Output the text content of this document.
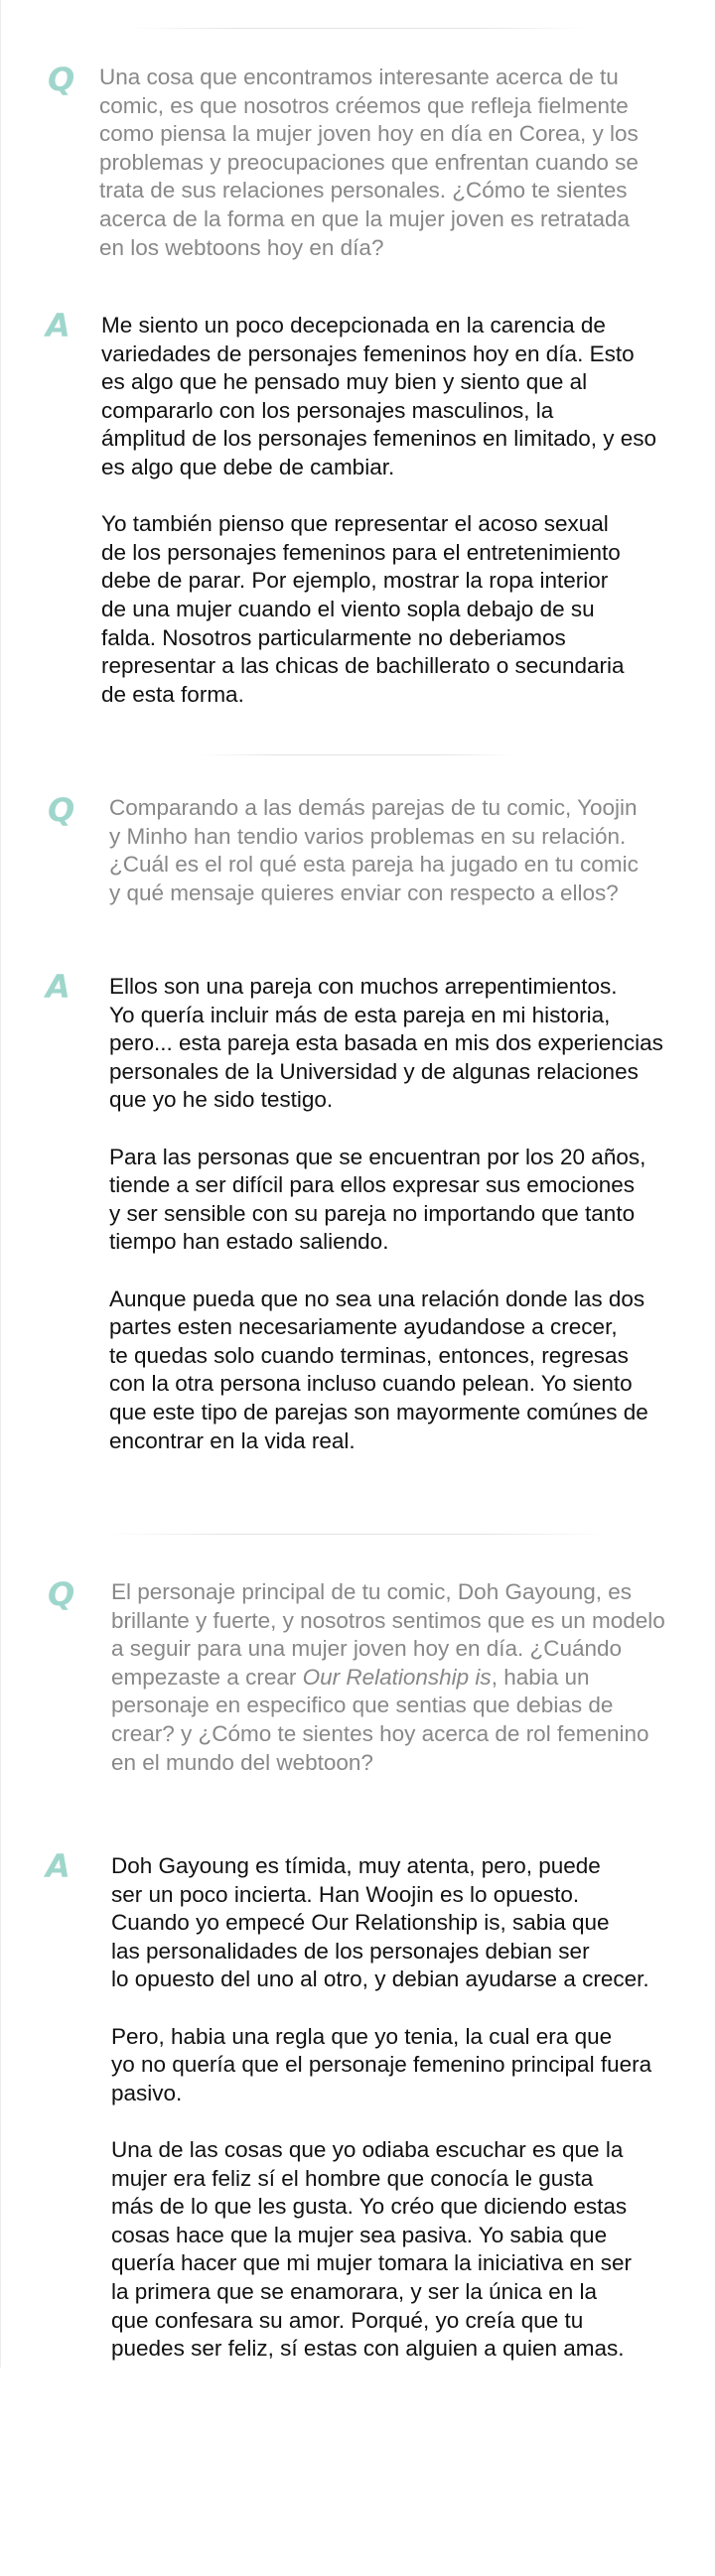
Q Una cosa que encontramos interesante acerca de tu

comic, es que nosotros créemos que refleja fielmente

como piensa la mujer joven hoy en día en Corea, y los

problemas y preocupaciones que enfrentan cuando se

trata de sus relaciones personales. ¿Cómo te sientes

acerca de la forma en que la mujer joven es retratada

en los webtoons hoy en día?

A Me siento un poco decepcionada en la carencia de
variedades de personajes femeninos hoy en día. Esto
es algo que he pensado muy bien y siento que al
compararlo con los personajes masculinos, la
ámplitud de los personajes femeninos en limitado, y eso
es algo que debe de cambiar.

Yo también pienso que representar el acoso sexual
de los personajes femeninos para el entretenimiento
debe de parar. Por ejemplo, mostrar la ropa interior
de una mujer cuando el viento sopla debajo de su
falda. Nosotros particularmente no deberiamos
representar a las chicas de bachillerato o secundaria
de esta forma.

Q Comparando a las demás parejas de tu comic, Yoojin

y Minho han tendio varios problemas en su relación.

¿Cuál es el rol qué esta pareja ha jugado en tu comic

y qué mensaje quieres enviar con respecto a ellos?

A Ellos son una pareja con muchos arrepentimientos.
Yo quería incluir más de esta pareja en mi historia,
pero... esta pareja esta basada en mis dos experiencias
personales de la Universidad y de algunas relaciones
que yo he sido testigo.

Para las personas que se encuentran por los 20 años,
tiende a ser difícil para ellos expresar sus emociones
y ser sensible con su pareja no importando que tanto
tiempo han estado saliendo.

Aunque pueda que no sea una relación donde las dos
partes esten necesariamente ayudandose a crecer,
te quedas solo cuando terminas, entonces, regresas
con la otra persona incluso cuando pelean. Yo siento
que este tipo de parejas son mayormente comúnes de
encontrar en la vida real.

Q El personaje principal de tu comic, Doh Gayoung, es

brillante y fuerte, y nosotros sentimos que es un modelo

a seguir para una mujer joven hoy en día. ¿Cuándo

empezaste a crear Our Relationship is, habia un

personaje en especifico que sentias que debias de

crear? y ¿Cómo te sientes hoy acerca de rol femenino

en el mundo del webtoon?

A Doh Gayoung es tímida, muy atenta, pero, puede
ser un poco incierta. Han Woojin es lo opuesto.
Cuando yo empecé Our Relationship is, sabia que
las personalidades de los personajes debian ser
lo opuesto del uno al otro, y debian ayudarse a crecer.

Pero, habia una regla que yo tenia, la cual era que
yo no quería que el personaje femenino principal fuera
pasivo.

Una de las cosas que yo odiaba escuchar es que la
mujer era feliz sí el hombre que conocía le gusta
más de lo que les gusta. Yo créo que diciendo estas
cosas hace que la mujer sea pasiva. Yo sabia que
quería hacer que mi mujer tomara la iniciativa en ser
la primera que se enamorara, y ser la única en la
que confesara su amor. Porqué, yo creía que tu
puedes ser feliz, sí estas con alguien a quien amas.
